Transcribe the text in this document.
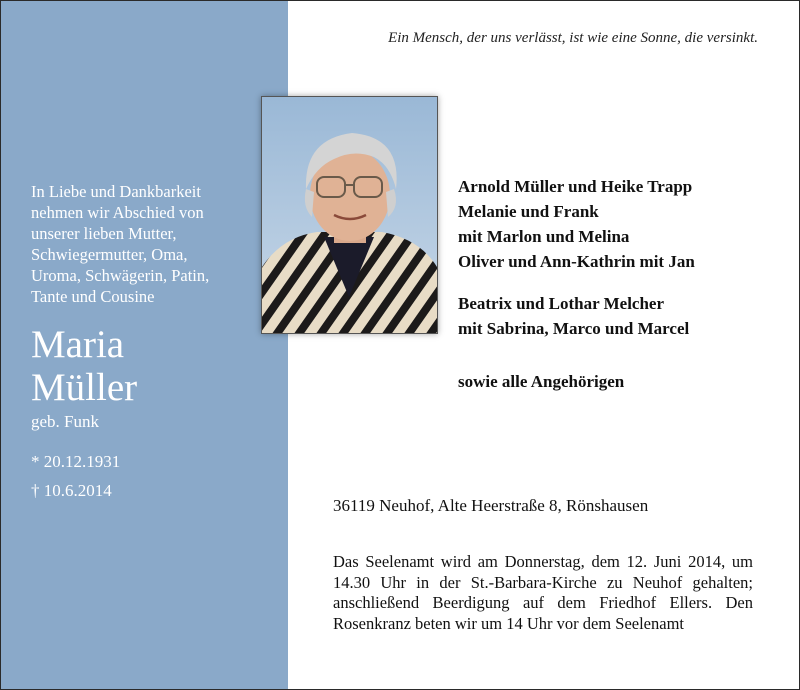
In Liebe und Dankbarkeit
nehmen wir Abschied von
unserer lieben Mutter,
Schwiegermutter, Oma,
Uroma, Schwägerin, Patin,
Tante und Cousine
Maria
Müller
geb. Funk
* 20.12.1931
† 10.6.2014
Ein Mensch, der uns verlässt, ist wie eine Sonne, die versinkt.
Arnold Müller und Heike Trapp
Melanie und Frank
mit Marlon und Melina
Oliver und Ann-Kathrin mit Jan
Beatrix und Lothar Melcher
mit Sabrina, Marco und Marcel
sowie alle Angehörigen
36119 Neuhof, Alte Heerstraße 8, Rönshausen
Das Seelenamt wird am Donnerstag, dem 12. Juni 2014, um 14.30 Uhr in der St.-Barbara-Kirche zu Neuhof gehalten; anschließend Beerdigung auf dem Friedhof Ellers. Den Rosenkranz beten wir um 14 Uhr vor dem Seelenamt
